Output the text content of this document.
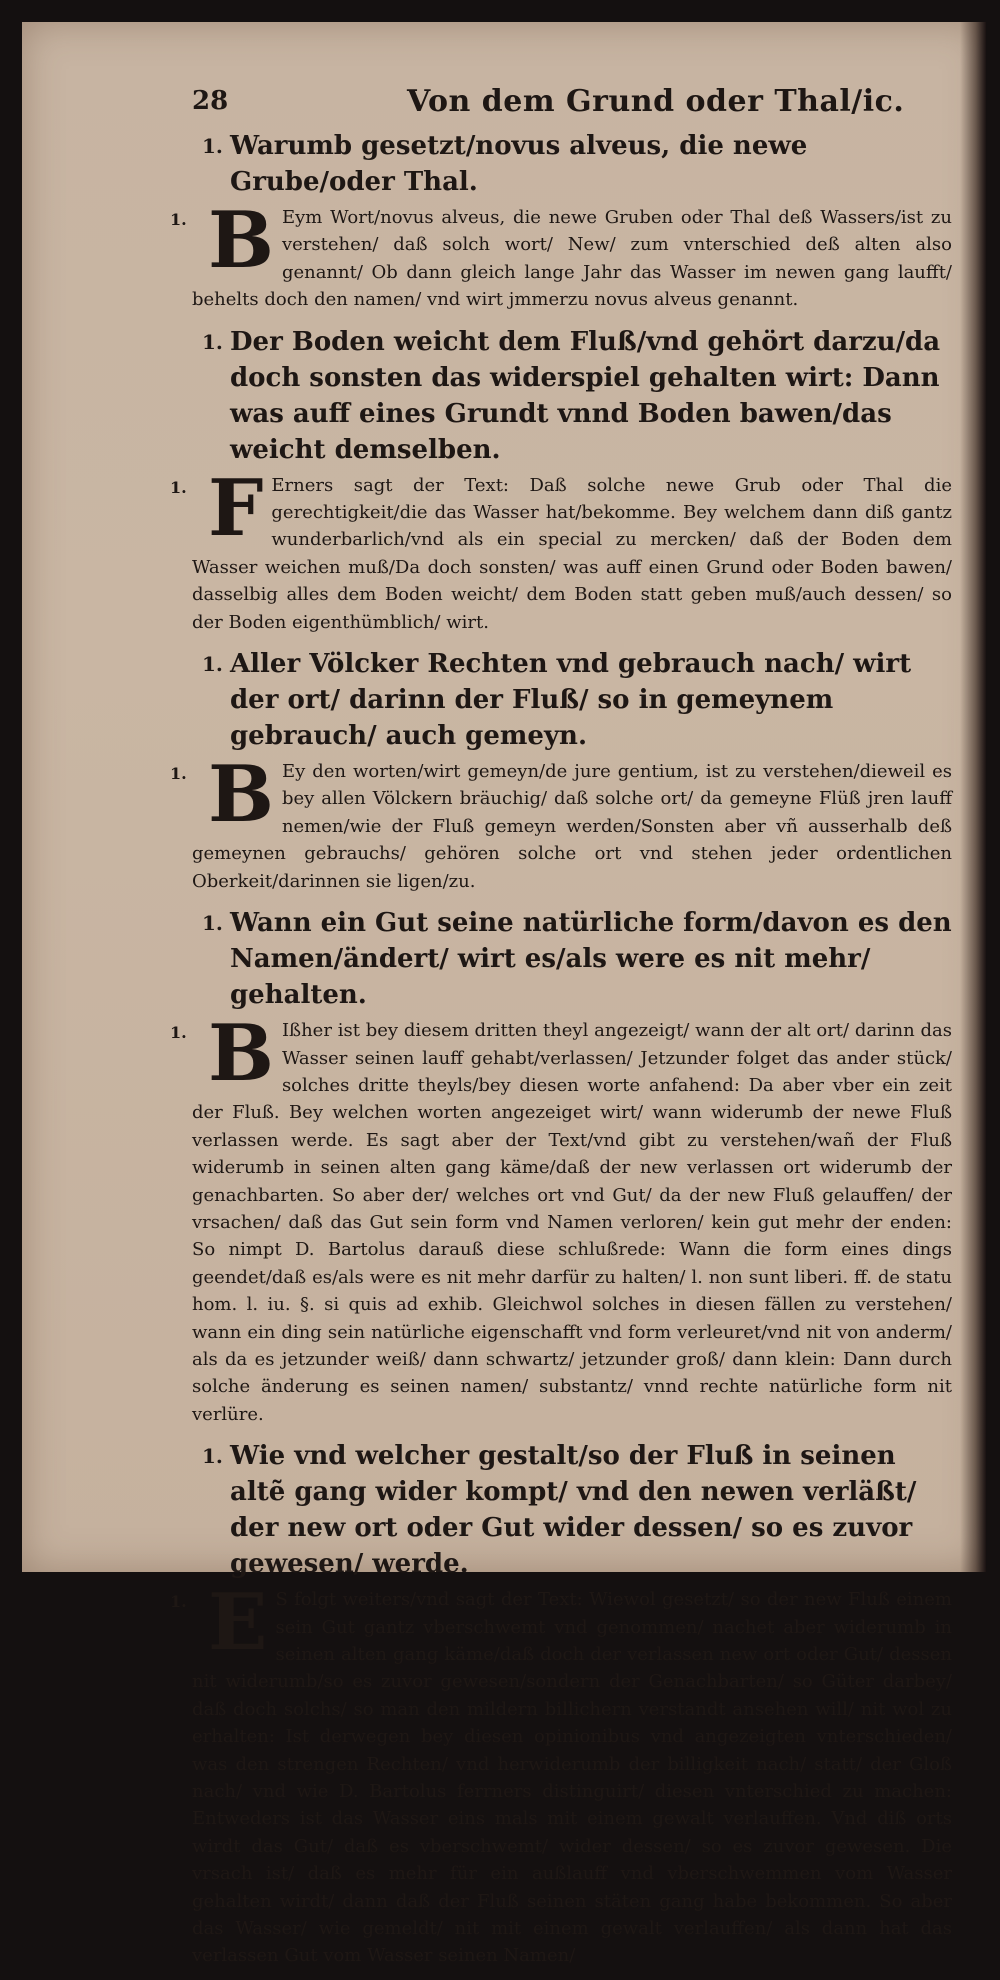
28	Von dem Grund oder Thal/ic.
1. Warumb gesetzt/novus alveus, die newe Grube/oder Thal.
1. B Eym Wort/novus alveus, die newe Gruben oder Thal deß Wassers/ist zu verstehen/ daß solch wort/ New/ zum vnterschied deß alten also genannt/ Ob dann gleich lange Jahr das Wasser im newen gang laufft/ behelts doch den namen/ vnd wirt jmmerzu novus alveus genannt.
1. Der Boden weicht dem Fluß/vnd gehört darzu/da doch sonsten das widerspiel gehalten wirt: Dann was auff eines Grundt vnnd Boden bawen/das weicht demselben.
1. F Erners sagt der Text: Daß solche newe Grub oder Thal die gerechtigkeit/die das Wasser hat/bekomme. Bey welchem dann diß gantz wunderbarlich/vnd als ein special zu mercken/ daß der Boden dem Wasser weichen muß/Da doch sonsten/ was auff einen Grund oder Boden bawen/ dasselbig alles dem Boden weicht/ dem Boden statt geben muß/auch dessen/ so der Boden eigenthümblich/ wirt.
1. Aller Völcker Rechten vnd gebrauch nach/ wirt der ort/ darinn der Fluß/ so in gemeynem gebrauch/ auch gemeyn.
1. B Ey den worten/wirt gemeyn/de jure gentium, ist zu verstehen/dieweil es bey allen Völckern bräuchig/ daß solche ort/ da gemeyne Flüß jren lauff nemen/wie der Fluß gemeyn werden/Sonsten aber vñ ausserhalb deß gemeynen gebrauchs/ gehören solche ort vnd stehen jeder ordentlichen Oberkeit/darinnen sie ligen/zu.
1. Wann ein Gut seine natürliche form/davon es den Namen/ändert/ wirt es/als were es nit mehr/ gehalten.
1. B Ißher ist bey diesem dritten theyl angezeigt/ wann der alt ort/ darinn das Wasser seinen lauff gehabt/verlassen/ Jetzunder folget das ander stück/ solches dritte theyls/bey diesen worte anfahend: Da aber vber ein zeit der Fluß. Bey welchen worten angezeiget wirt/ wann widerumb der newe Fluß verlassen werde. Es sagt aber der Text/vnd gibt zu verstehen/wañ der Fluß widerumb in seinen alten gang käme/daß der new verlassen ort widerumb der genachbarten. So aber der/ welches ort vnd Gut/ da der new Fluß gelauffen/ der vrsachen/ daß das Gut sein form vnd Namen verloren/ kein gut mehr der enden: So nimpt D. Bartolus darauß diese schlußrede: Wann die form eines dings geendet/daß es/als were es nit mehr darfür zu halten/ l. non sunt liberi. ff. de statu hom. l. iu. §. si quis ad exhib. Gleichwol solches in diesen fällen zu verstehen/ wann ein ding sein natürliche eigenschafft vnd form verleuret/vnd nit von anderm/ als da es jetzunder weiß/ dann schwartz/ jetzunder groß/ dann klein: Dann durch solche änderung es seinen namen/ substantz/ vnnd rechte natürliche form nit verlüre.
1. Wie vnd welcher gestalt/so der Fluß in seinen altẽ gang wider kompt/ vnd den newen verläßt/ der new ort oder Gut wider dessen/ so es zuvor gewesen/ werde.
1. E S folgt weiters/vnd sagt der Text: Wiewol gesetzt/ so der new Fluß einem sein Gut gantz vberschwemt vnd genommen/ nachet aber widerumb in seinen alten gang käme/daß doch der verlassen new ort oder Gut/ dessen nit widerumb/so es zuvor gewesen/sondern der Genachbarten/ so Güter darbey/ daß doch solchs/ so man den mildern billichern verstandt ansehen will/ nit wol zu erhalten: Ist derwegen bey diesen opinionibus vnd angezeigten vnterschieden/ was den strengen Rechten/ vnd herwiderumb der billigkeit nach/ statt/ der Gloß nach/ vnd wie D. Bartolus ferrners distinguirt/ diesen vnterschied zu machen: Entweders ist das Wasser eins mals mit einem gewalt verlauffen. Vnd diß orts wirdt das Gut/ daß es vberschwemt/ wider dessen/ so es zuvor gewesen. Die vrsach ist/ daß es mehr für ein außlauff vnd vberschwemmen vom Wasser gehalten wirdt/ dann daß der Fluß seinen stäten gang habe bekommen. So aber das Wasser/ wie gemeldt/ nit mit einem gewalt verlauffen/ als dann hat das verlassen Gut vom Wasser seinen Namen/
